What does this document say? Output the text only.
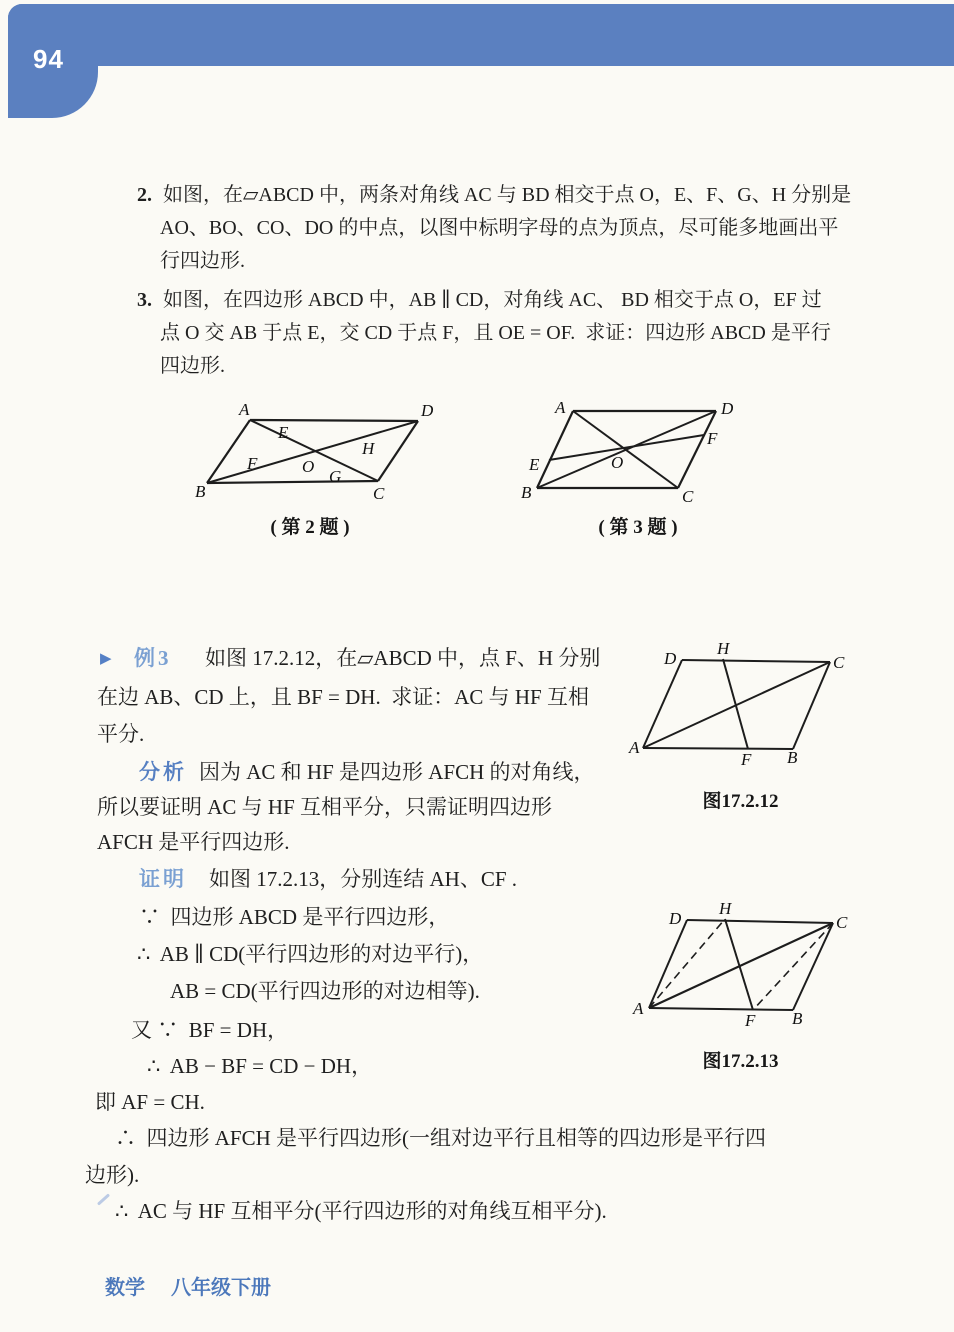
94
2. 如图，在▱ABCD 中，两条对角线 AC 与 BD 相交于点 O，E、F、G、H 分别是
AO、BO、CO、DO 的中点，以图中标明字母的点为顶点，尽可能多地画出平
行四边形.
3. 如图，在四边形 ABCD 中，AB ∥ CD，对角线 AC、 BD 相交于点 O，EF 过
点 O 交 AB 于点 E，交 CD 于点 F，且 OE = OF.  求证：四边形 ABCD 是平行
四边形.
A	D
B	C
E
F
G
H
O
( 第 2 题 )
A	D
B	C
E
F
O
( 第 3 题 )
▶ 例3 如图 17.2.12，在▱ABCD 中，点 F、H 分别
在边 AB、CD 上，且 BF = DH.  求证：AC 与 HF 互相
平分.
D
H
C
A
B
F
图17.2.12
分析 因为 AC 和 HF 是四边形 AFCH 的对角线，
所以要证明 AC 与 HF 互相平分，只需证明四边形
AFCH 是平行四边形.
证明 如图 17.2.13，分别连结 AH、CF .
∵  四边形 ABCD 是平行四边形，
∴  AB ∥ CD(平行四边形的对边平行)，
AB = CD(平行四边形的对边相等).
又 ∵  BF = DH，
∴  AB − BF = CD − DH，
即 AF = CH.
∴  四边形 AFCH 是平行四边形(一组对边平行且相等的四边形是平行四
边形).
∴  AC 与 HF 互相平分(平行四边形的对角线互相平分).
D
H
C
A
B
F
图17.2.13
数学 八年级下册
